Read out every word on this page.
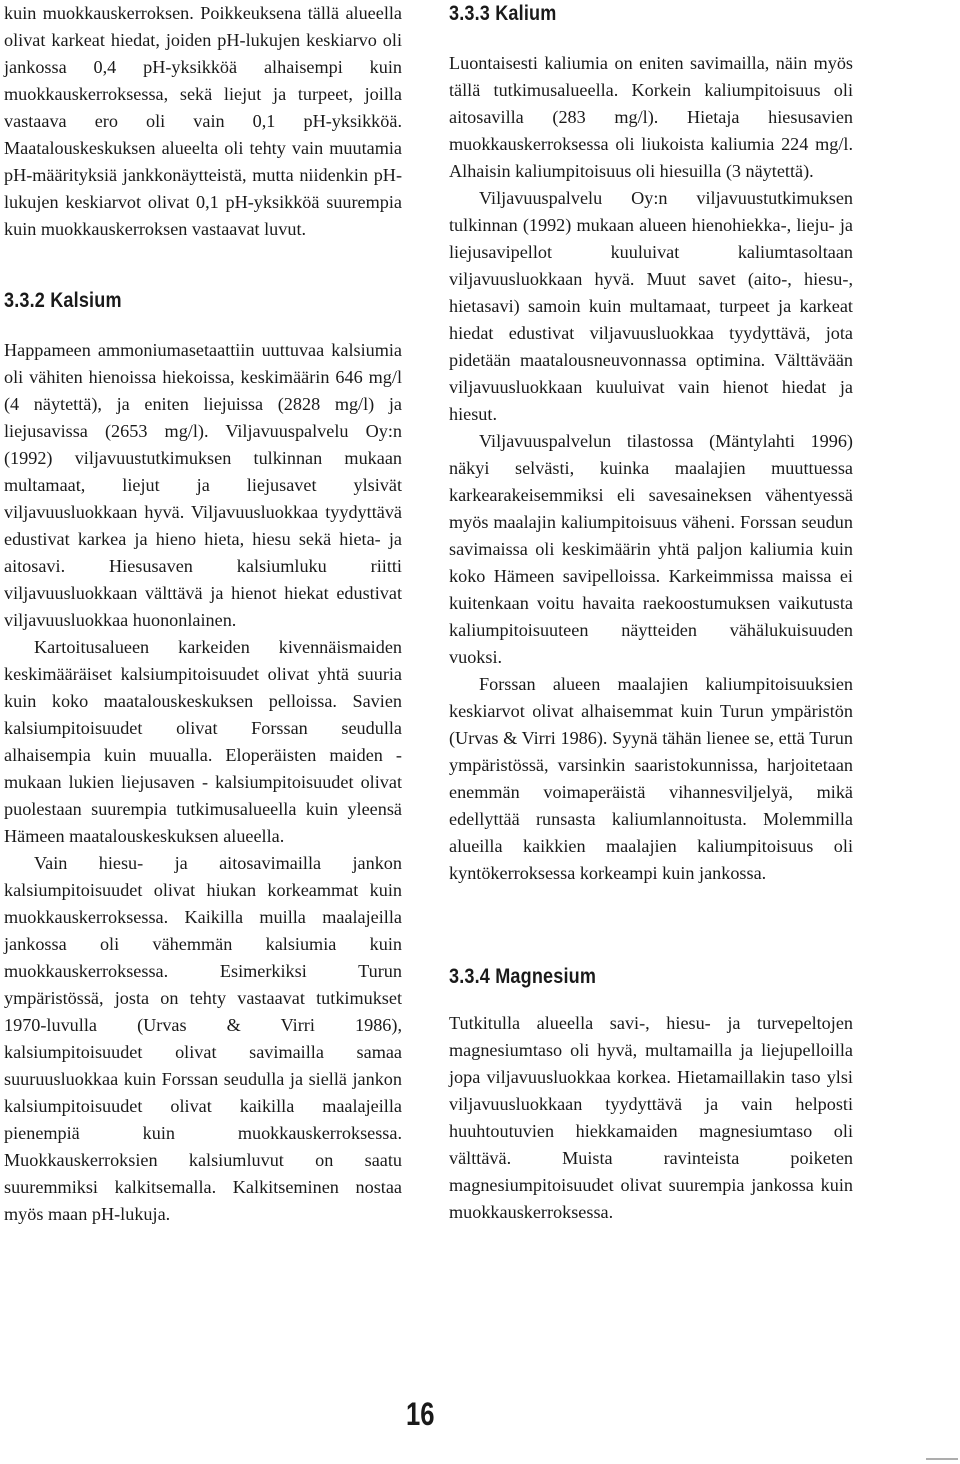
kuin muokkauskerroksen. Poikkeuksena tällä alueella olivat karkeat hiedat, joiden pH-lukujen keskiarvo oli jankossa 0,4 pH-yksikköä alhaisempi kuin muokkauskerroksessa, sekä liejut ja turpeet, joilla vastaava ero oli vain 0,1 pH-yksikköä. Maatalouskeskuksen alueelta oli tehty vain muutamia pH-määrityksiä jankkonäytteistä, mutta niidenkin pH-lukujen keskiarvot olivat 0,1 pH-yksikköä suurempia kuin muokkauskerroksen vastaavat luvut.

3.3.2 Kalsium

Happameen ammoniumasetaattiin uuttuvaa kalsiumia oli vähiten hienoissa hiekoissa, keskimäärin 646 mg/l (4 näytettä), ja eniten liejuissa (2828 mg/l) ja liejusavissa (2653 mg/l). Viljavuuspalvelu Oy:n (1992) viljavuustutkimuksen tulkinnan mukaan multamaat, liejut ja liejusavet ylsivät viljavuusluokkaan hyvä. Viljavuusluokkaa tyydyttävä edustivat karkea ja hieno hieta, hiesu sekä hieta- ja aitosavi. Hiesusaven kalsiumluku riitti viljavuusluokkaan välttävä ja hienot hiekat edustivat viljavuusluokkaa huononlainen.

Kartoitusalueen karkeiden kivennäismaiden keskimääräiset kalsiumpitoisuudet olivat yhtä suuria kuin koko maatalouskeskuksen pelloissa. Savien kalsiumpitoisuudet olivat Forssan seudulla alhaisempia kuin muualla. Eloperäisten maiden - mukaan lukien liejusaven - kalsiumpitoisuudet olivat puolestaan suurempia tutkimusalueella kuin yleensä Hämeen maatalouskeskuksen alueella.

Vain hiesu- ja aitosavimailla jankon kalsiumpitoisuudet olivat hiukan korkeammat kuin muokkauskerroksessa. Kaikilla muilla maalajeilla jankossa oli vähemmän kalsiumia kuin muokkauskerroksessa. Esimerkiksi Turun ympäristössä, josta on tehty vastaavat tutkimukset 1970-luvulla (Urvas & Virri 1986), kalsiumpitoisuudet olivat savimailla samaa suuruusluokkaa kuin Forssan seudulla ja siellä jankon kalsiumpitoisuudet olivat kaikilla maalajeilla pienempiä kuin muokkauskerroksessa. Muokkauskerroksien kalsiumluvut on saatu suuremmiksi kalkitsemalla. Kalkitseminen nostaa myös maan pH-lukuja.

3.3.3 Kalium

Luontaisesti kaliumia on eniten savimailla, näin myös tällä tutkimusalueella. Korkein kaliumpitoisuus oli aitosavilla (283 mg/l). Hietaja hiesusavien muokkauskerroksessa oli liukoista kaliumia 224 mg/l. Alhaisin kaliumpitoisuus oli hiesuilla (3 näytettä).

Viljavuuspalvelu Oy:n viljavuustutkimuksen tulkinnan (1992) mukaan alueen hienohiekka-, lieju- ja liejusavipellot kuuluivat kaliumtasoltaan viljavuusluokkaan hyvä. Muut savet (aito-, hiesu-, hietasavi) samoin kuin multamaat, turpeet ja karkeat hiedat edustivat viljavuusluokkaa tyydyttävä, jota pidetään maatalousneuvonnassa optimina. Välttävään viljavuusluokkaan kuuluivat vain hienot hiedat ja hiesut.

Viljavuuspalvelun tilastossa (Mäntylahti 1996) näkyi selvästi, kuinka maalajien muuttuessa karkearakeisemmiksi eli savesaineksen vähentyessä myös maalajin kaliumpitoisuus väheni. Forssan seudun savimaissa oli keskimäärin yhtä paljon kaliumia kuin koko Hämeen savipelloissa. Karkeimmissa maissa ei kuitenkaan voitu havaita raekoostumuksen vaikutusta kaliumpitoisuuteen näytteiden vähälukuisuuden vuoksi.

Forssan alueen maalajien kaliumpitoisuuksien keskiarvot olivat alhaisemmat kuin Turun ympäristön (Urvas & Virri 1986). Syynä tähän lienee se, että Turun ympäristössä, varsinkin saaristokunnissa, harjoitetaan enemmän voimaperäistä vihannesviljelyä, mikä edellyttää runsasta kaliumlannoitusta. Molemmilla alueilla kaikkien maalajien kaliumpitoisuus oli kyntökerroksessa korkeampi kuin jankossa.

3.3.4 Magnesium

Tutkitulla alueella savi-, hiesu- ja turvepeltojen magnesiumtaso oli hyvä, multamailla ja liejupelloilla jopa viljavuusluokkaa korkea. Hietamaillakin taso ylsi viljavuusluokkaan tyydyttävä ja vain helposti huuhtoutuvien hiekkamaiden magnesiumtaso oli välttävä. Muista ravinteista poiketen magnesiumpitoisuudet olivat suurempia jankossa kuin muokkauskerroksessa.

16
